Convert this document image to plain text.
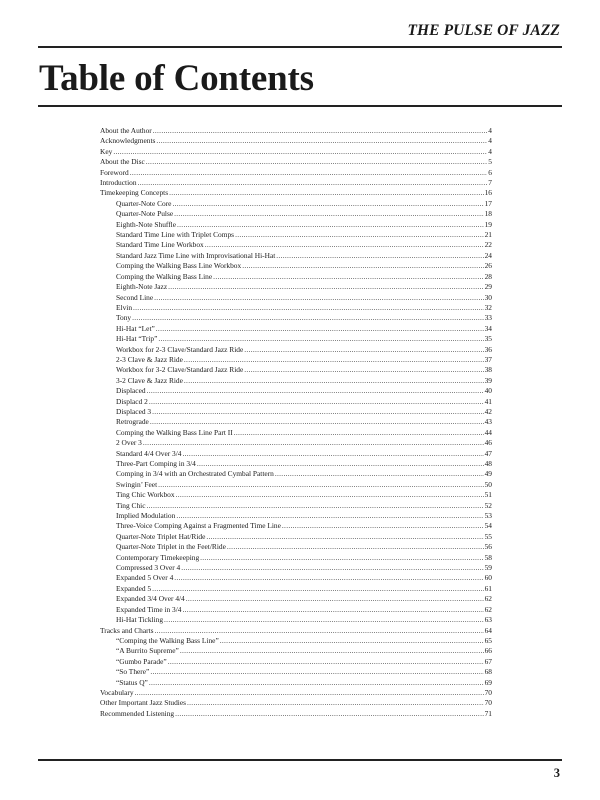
THE PULSE OF JAZZ
Table of Contents
About the Author .....	4
Acknowledgments .....	4
Key .....	4
About the Disc .....	5
Foreword .....	6
Introduction .....	7
Timekeeping Concepts .....	16
Quarter-Note Core .....	17
Quarter-Note Pulse .....	18
Eighth-Note Shuffle .....	19
Standard Time Line with Triplet Comps .....	21
Standard Time Line Workbox .....	22
Standard Jazz Time Line with Improvisational Hi-Hat .....	24
Comping the Walking Bass Line Workbox .....	26
Comping the Walking Bass Line .....	28
Eighth-Note Jazz .....	29
Second Line .....	30
Elvin .....	32
Tony .....	33
Hi-Hat “Let” .....	34
Hi-Hat “Trip” .....	35
Workbox for 2-3 Clave/Standard Jazz Ride .....	36
2-3 Clave & Jazz Ride .....	37
Workbox for 3-2 Clave/Standard Jazz Ride .....	38
3-2 Clave & Jazz Ride .....	39
Displaced .....	40
Displacd 2 .....	41
Displaced 3 .....	42
Retrograde .....	43
Comping the Walking Bass Line Part II .....	44
2 Over 3 .....	46
Standard 4/4 Over 3/4 .....	47
Three-Part Comping in 3/4 .....	48
Comping in 3/4 with an Orchestrated Cymbal Pattern .....	49
Swingin’ Feet .....	50
Ting Chic Workbox .....	51
Ting Chic .....	52
Implied Modulation .....	53
Three-Voice Comping Against a Fragmented Time Line .....	54
Quarter-Note Triplet Hat/Ride .....	55
Quarter-Note Triplet in the Feet/Ride .....	56
Contemporary Timekeeping .....	58
Compressed 3 Over 4 .....	59
Expanded 5 Over 4 .....	60
Expanded 5 .....	61
Expanded 3/4 Over 4/4 .....	62
Expanded Time in 3/4 .....	62
Hi-Hat Tickling .....	63
Tracks and Charts .....	64
“Comping the Walking Bass Line” .....	65
“A Burrito Supreme” .....	66
“Gumbo Parade” .....	67
“So There” .....	68
“Status Q” .....	69
Vocabulary .....	70
Other Important Jazz Studies .....	70
Recommended Listening .....	71
3
